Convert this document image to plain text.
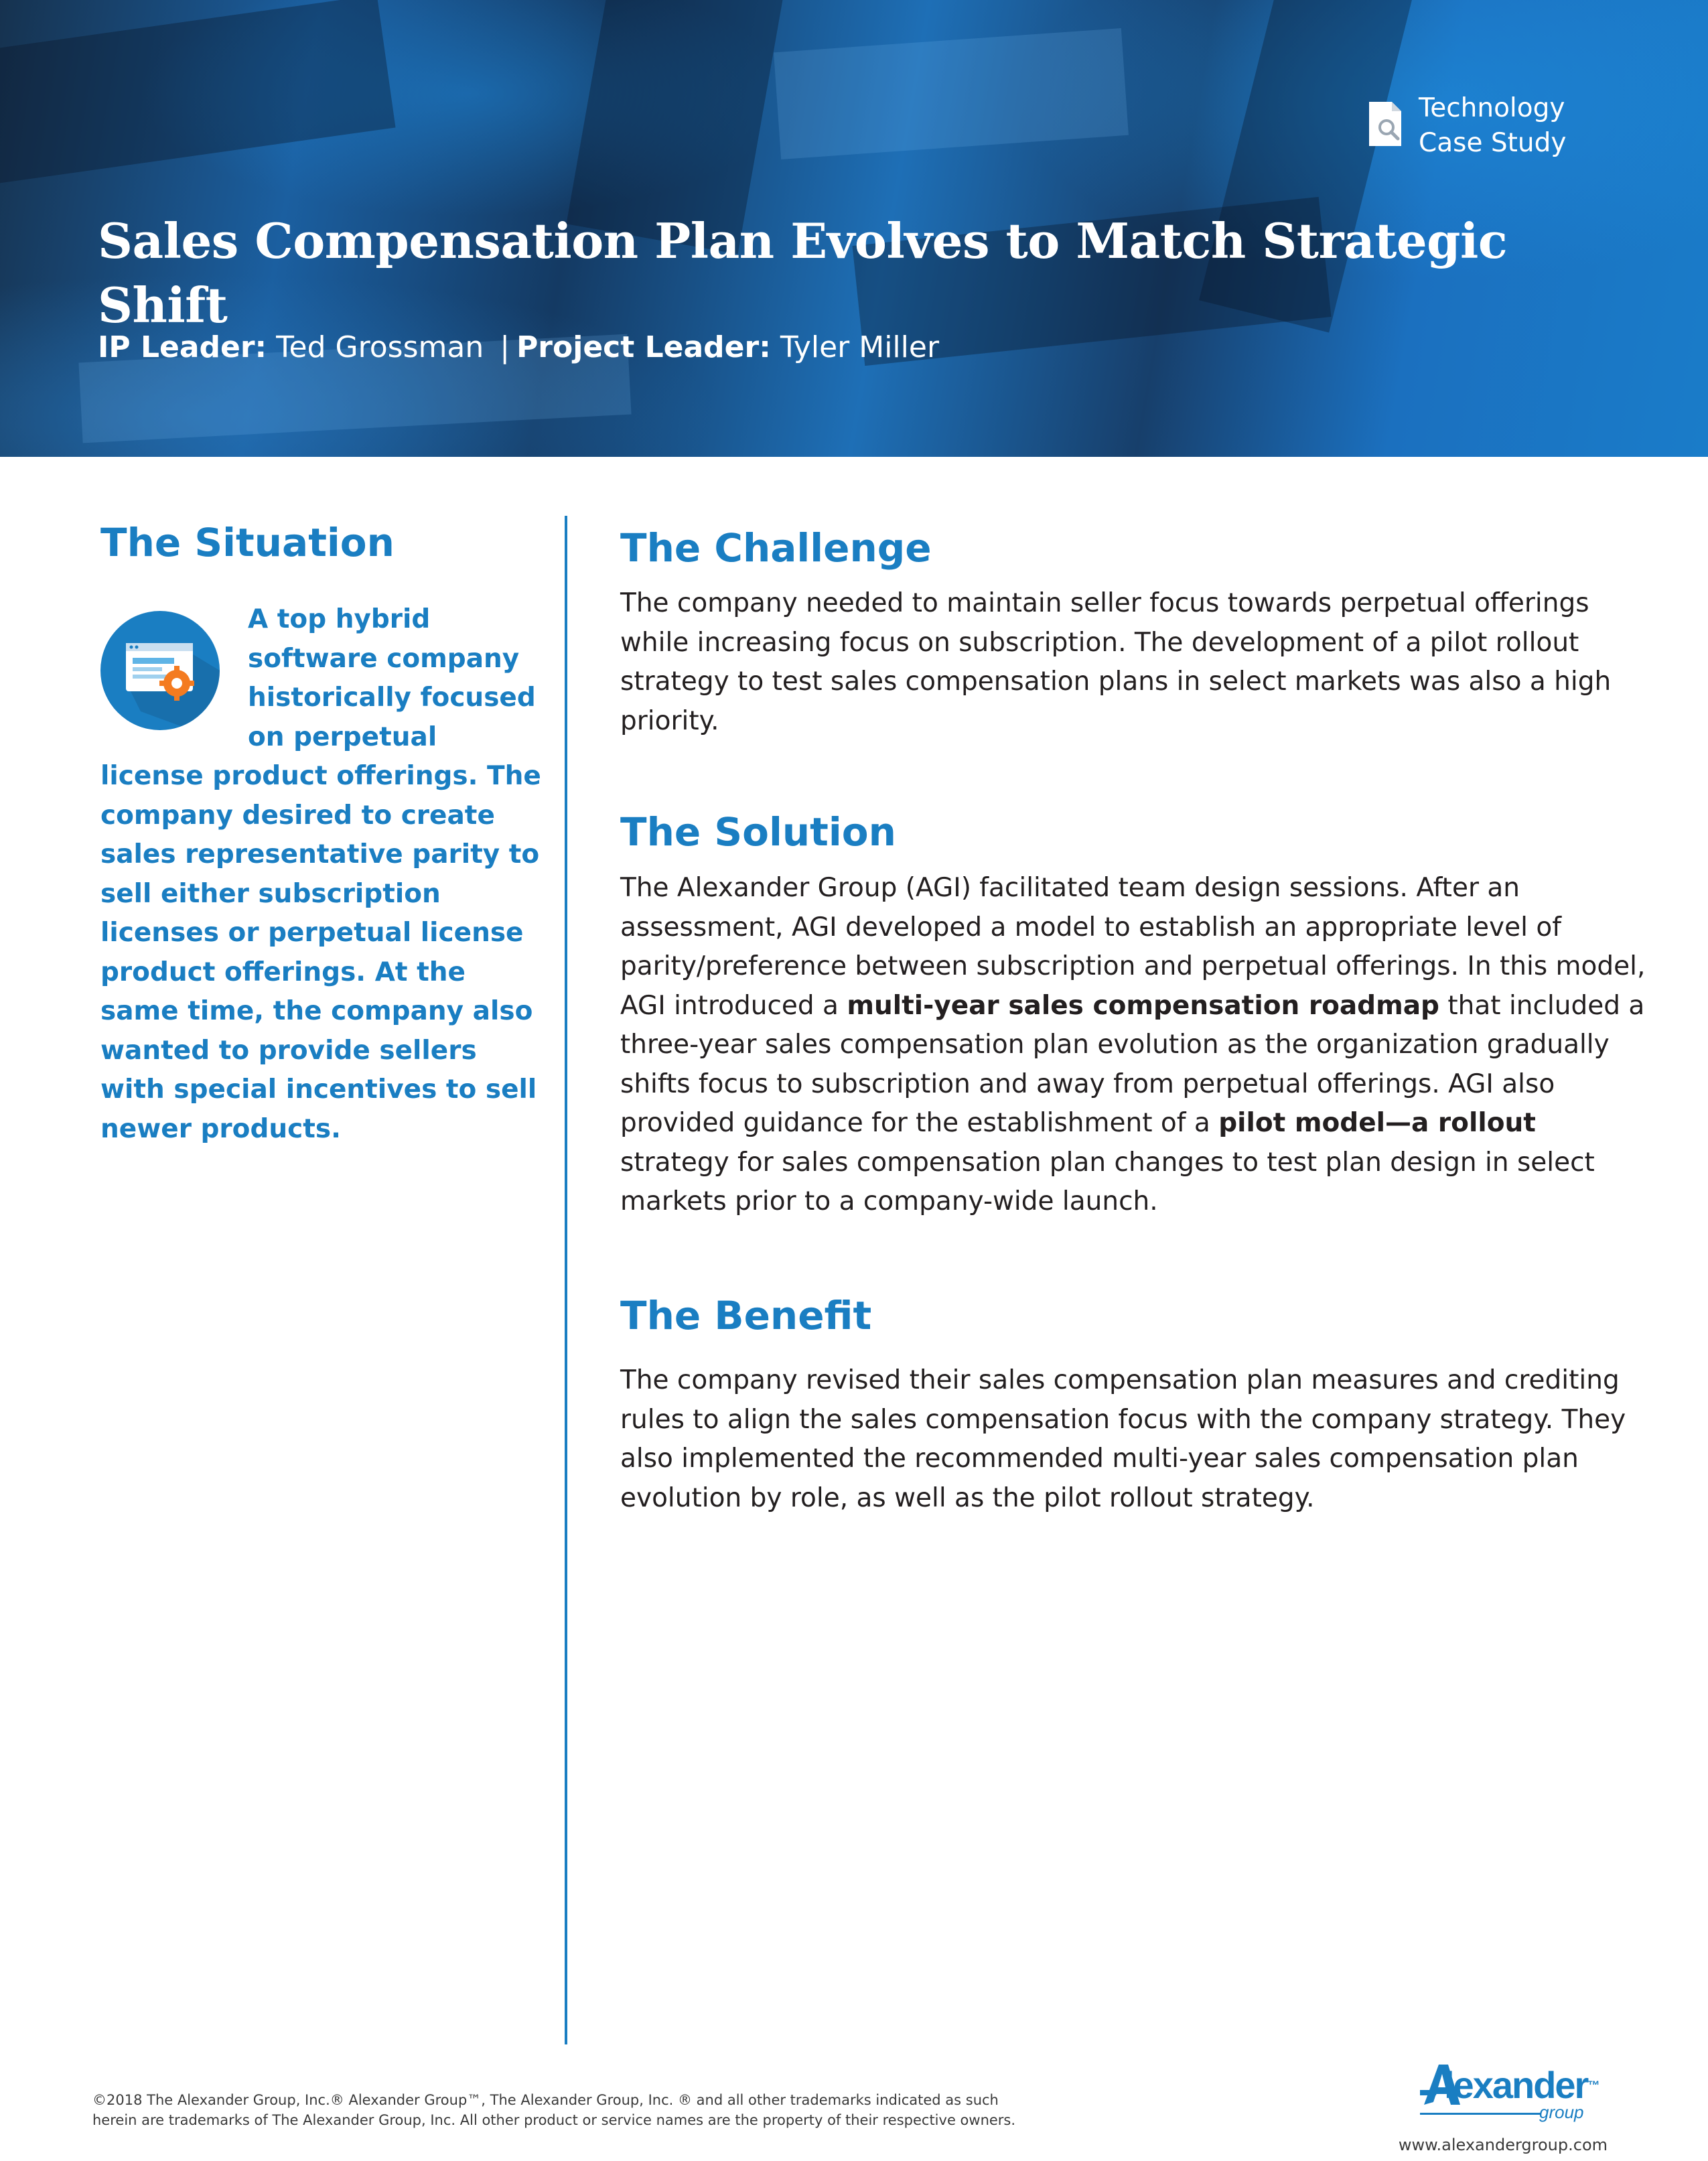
Technology
Case Study
Sales Compensation Plan Evolves to Match Strategic Shift
IP Leader: Ted Grossman | Project Leader: Tyler Miller
The Situation
A top hybrid software company historically focused on perpetual license product offerings. The company desired to create sales representative parity to sell either subscription licenses or perpetual license product offerings. At the same time, the company also wanted to provide sellers with special incentives to sell newer products.
The Challenge

The company needed to maintain seller focus towards perpetual offerings while increasing focus on subscription. The development of a pilot rollout strategy to test sales compensation plans in select markets was also a high priority.

The Solution

The Alexander Group (AGI) facilitated team design sessions. After an assessment, AGI developed a model to establish an appropriate level of parity/preference between subscription and perpetual offerings. In this model, AGI introduced a multi-year sales compensation roadmap that included a three-year sales compensation plan evolution as the organization gradually shifts focus to subscription and away from perpetual offerings. AGI also provided guidance for the establishment of a pilot model—a rollout strategy for sales compensation plan changes to test plan design in select markets prior to a company-wide launch.

The Benefit

The company revised their sales compensation plan measures and crediting rules to align the sales compensation focus with the company strategy. They also implemented the recommended multi-year sales compensation plan evolution by role, as well as the pilot rollout strategy.

©2018 The Alexander Group, Inc.® Alexander Group™, The Alexander Group, Inc. ® and all other trademarks indicated as such
herein are trademarks of The Alexander Group, Inc. All other product or service names are the property of their respective owners.
lexander™
group
www.alexandergroup.com
